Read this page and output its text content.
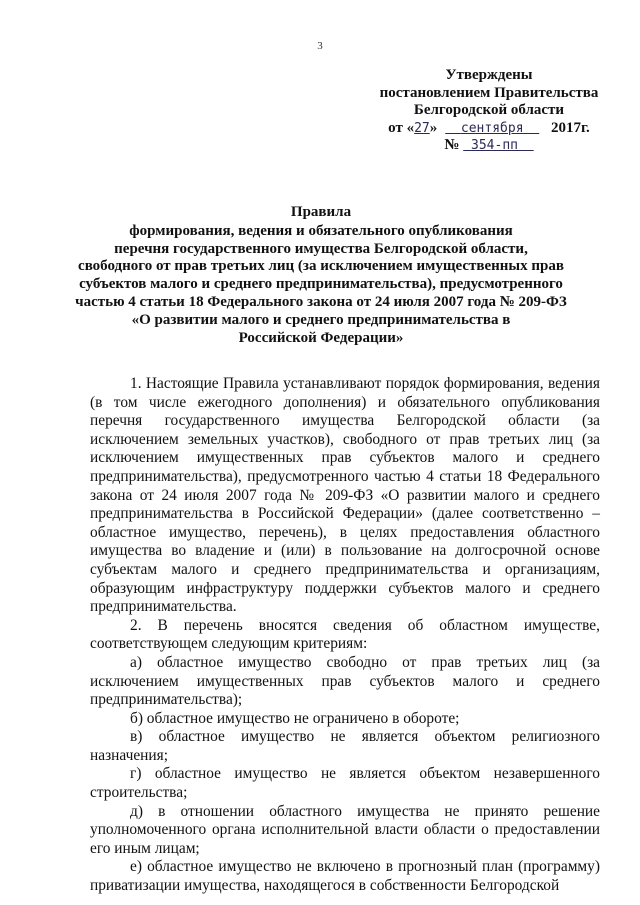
3
Утверждены
постановлением Правительства
Белгородской области
от «27» сентября 2017г.
№ 354-пп
Правила
формирования, ведения и обязательного опубликования
перечня государственного имущества Белгородской области,
свободного от прав третьих лиц (за исключением имущественных прав
субъектов малого и среднего предпринимательства), предусмотренного
частью 4 статьи 18 Федерального закона от 24 июля 2007 года № 209-ФЗ
«О развитии малого и среднего предпринимательства в
Российской Федерации»

1. Настоящие Правила устанавливают порядок формирования, ведения (в том числе ежегодного дополнения) и обязательного опубликования перечня государственного имущества Белгородской области (за исключением земельных участков), свободного от прав третьих лиц (за исключением имущественных прав субъектов малого и среднего предпринимательства), предусмотренного частью 4 статьи 18 Федерального закона от 24 июля 2007 года № 209-ФЗ «О развитии малого и среднего предпринимательства в Российской Федерации» (далее соответственно – областное имущество, перечень), в целях предоставления областного имущества во владение и (или) в пользование на долгосрочной основе субъектам малого и среднего предпринимательства и организациям, образующим инфраструктуру поддержки субъектов малого и среднего предпринимательства.

2. В перечень вносятся сведения об областном имуществе, соответствующем следующим критериям:

а) областное имущество свободно от прав третьих лиц (за исключением имущественных прав субъектов малого и среднего предпринимательства);

б) областное имущество не ограничено в обороте;

в) областное имущество не является объектом религиозного назначения;

г) областное имущество не является объектом незавершенного строительства;

д) в отношении областного имущества не принято решение уполномоченного органа исполнительной власти области о предоставлении его иным лицам;

е) областное имущество не включено в прогнозный план (программу) приватизации имущества, находящегося в собственности Белгородской
